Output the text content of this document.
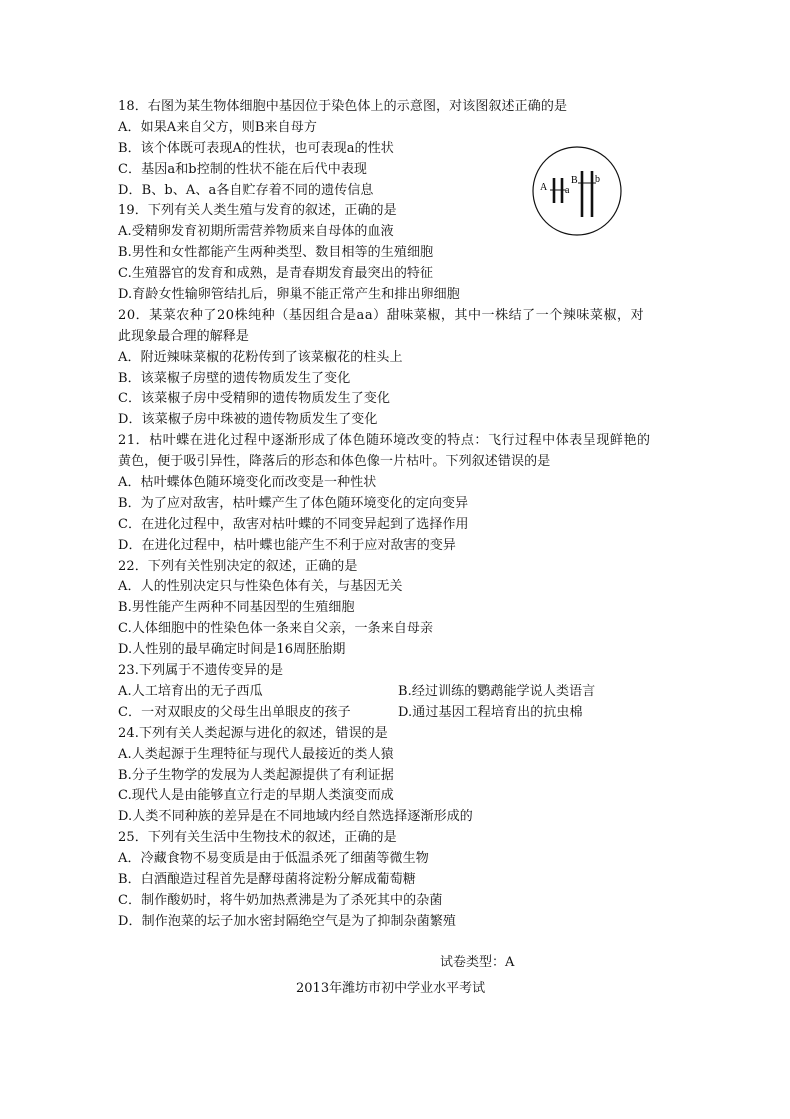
18．右图为某生物体细胞中基因位于染色体上的示意图，对该图叙述正确的是
A．如果A来自父方，则B来自母方
B．该个体既可表现A的性状，也可表现a的性状
C．基因a和b控制的性状不能在后代中表现
D．B、b、A、a各自贮存着不同的遗传信息
19．下列有关人类生殖与发育的叙述，正确的是
A.受精卵发育初期所需营养物质来自母体的血液
B.男性和女性都能产生两种类型、数目相等的生殖细胞
C.生殖器官的发育和成熟，是青春期发育最突出的特征
D.育龄女性输卵管结扎后，卵巢不能正常产生和排出卵细胞
20．某菜农种了20株纯种（基因组合是aa）甜味菜椒，其中一株结了一个辣味菜椒，对
此现象最合理的解释是
A．附近辣味菜椒的花粉传到了该菜椒花的柱头上
B．该菜椒子房壁的遗传物质发生了变化
C．该菜椒子房中受精卵的遗传物质发生了变化
D．该菜椒子房中珠被的遗传物质发生了变化
21．枯叶蝶在进化过程中逐渐形成了体色随环境改变的特点：飞行过程中体表呈现鲜艳的
黄色，便于吸引异性，降落后的形态和体色像一片枯叶。下列叙述错误的是
A．枯叶蝶体色随环境变化而改变是一种性状
B．为了应对敌害，枯叶蝶产生了体色随环境变化的定向变异
C．在进化过程中，敌害对枯叶蝶的不同变异起到了选择作用
D．在进化过程中，枯叶蝶也能产生不利于应对敌害的变异
22．下列有关性别决定的叙述，正确的是
A．人的性别决定只与性染色体有关，与基因无关
B.男性能产生两种不同基因型的生殖细胞
C.人体细胞中的性染色体一条来自父亲，一条来自母亲
D.人性别的最早确定时间是16周胚胎期
23.下列属于不遗传变异的是
A.人工培育出的无子西瓜	B.经过训练的鹦鹉能学说人类语言
C．一对双眼皮的父母生出单眼皮的孩子	D.通过基因工程培育出的抗虫棉
24.下列有关人类起源与进化的叙述，错误的是
A.人类起源于生理特征与现代人最接近的类人猿
B.分子生物学的发展为人类起源提供了有利证据
C.现代人是由能够直立行走的早期人类演变而成
D.人类不同种族的差异是在不同地域内经自然选择逐渐形成的
25．下列有关生活中生物技术的叙述，正确的是
A．冷藏食物不易变质是由于低温杀死了细菌等微生物
B．白酒酿造过程首先是酵母菌将淀粉分解成葡萄糖
C．制作酸奶时，将牛奶加热煮沸是为了杀死其中的杂菌
D．制作泡菜的坛子加水密封隔绝空气是为了抑制杂菌繁殖
A a
B b
试卷类型：A
2013年潍坊市初中学业水平考试
